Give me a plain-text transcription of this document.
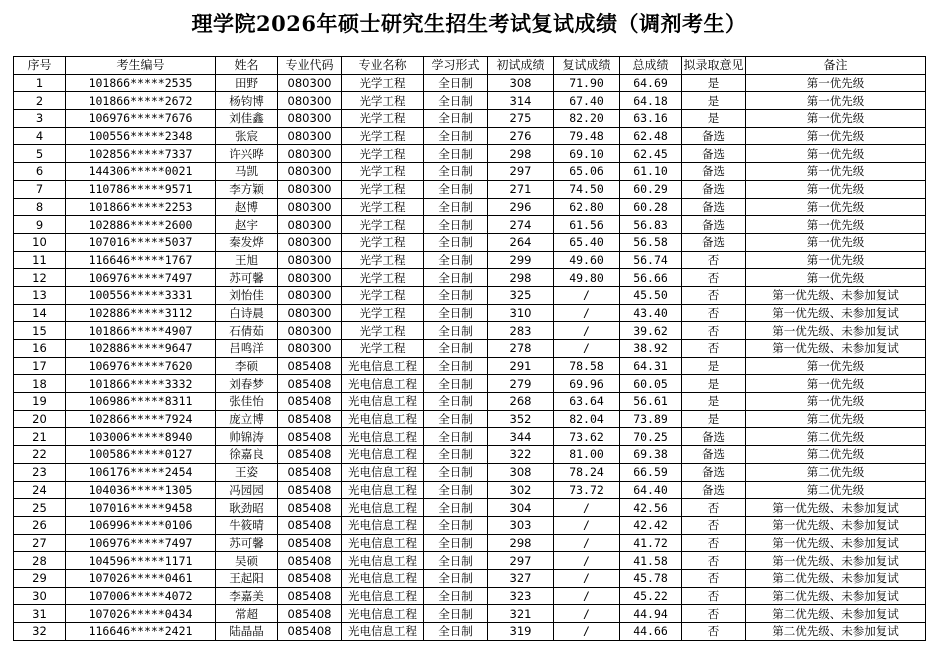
理学院2026年硕士研究生招生考试复试成绩（调剂考生）
序号	考生编号	姓名	专业代码	专业名称	学习形式	初试成绩	复试成绩	总成绩	拟录取意见	备注
1	101866*****2535	田野	080300	光学工程	全日制	308	71.90	64.69	是	第一优先级
2	101866*****2672	杨钧博	080300	光学工程	全日制	314	67.40	64.18	是	第一优先级
3	106976*****7676	刘佳鑫	080300	光学工程	全日制	275	82.20	63.16	是	第一优先级
4	100556*****2348	张宸	080300	光学工程	全日制	276	79.48	62.48	备选	第一优先级
5	102856*****7337	许兴晔	080300	光学工程	全日制	298	69.10	62.45	备选	第一优先级
6	144306*****0021	马凯	080300	光学工程	全日制	297	65.06	61.10	备选	第一优先级
7	110786*****9571	李方颖	080300	光学工程	全日制	271	74.50	60.29	备选	第一优先级
8	101866*****2253	赵博	080300	光学工程	全日制	296	62.80	60.28	备选	第一优先级
9	102886*****2600	赵宇	080300	光学工程	全日制	274	61.56	56.83	备选	第一优先级
10	107016*****5037	秦发烨	080300	光学工程	全日制	264	65.40	56.58	备选	第一优先级
11	116646*****1767	王旭	080300	光学工程	全日制	299	49.60	56.74	否	第一优先级
12	106976*****7497	苏可馨	080300	光学工程	全日制	298	49.80	56.66	否	第一优先级
13	100556*****3331	刘怡佳	080300	光学工程	全日制	325	/	45.50	否	第一优先级、未参加复试
14	102886*****3112	白诗晨	080300	光学工程	全日制	310	/	43.40	否	第一优先级、未参加复试
15	101866*****4907	石倩茹	080300	光学工程	全日制	283	/	39.62	否	第一优先级、未参加复试
16	102886*****9647	吕鸣洋	080300	光学工程	全日制	278	/	38.92	否	第一优先级、未参加复试
17	106976*****7620	李硕	085408	光电信息工程	全日制	291	78.58	64.31	是	第一优先级
18	101866*****3332	刘春梦	085408	光电信息工程	全日制	279	69.96	60.05	是	第一优先级
19	106986*****8311	张佳怡	085408	光电信息工程	全日制	268	63.64	56.61	是	第一优先级
20	102866*****7924	庞立博	085408	光电信息工程	全日制	352	82.04	73.89	是	第二优先级
21	103006*****8940	帅锦涛	085408	光电信息工程	全日制	344	73.62	70.25	备选	第二优先级
22	100586*****0127	徐嘉良	085408	光电信息工程	全日制	322	81.00	69.38	备选	第二优先级
23	106176*****2454	王姿	085408	光电信息工程	全日制	308	78.24	66.59	备选	第二优先级
24	104036*****1305	冯园园	085408	光电信息工程	全日制	302	73.72	64.40	备选	第二优先级
25	107016*****9458	耿劲昭	085408	光电信息工程	全日制	304	/	42.56	否	第一优先级、未参加复试
26	106996*****0106	牛筱晴	085408	光电信息工程	全日制	303	/	42.42	否	第一优先级、未参加复试
27	106976*****7497	苏可馨	085408	光电信息工程	全日制	298	/	41.72	否	第一优先级、未参加复试
28	104596*****1171	吴硕	085408	光电信息工程	全日制	297	/	41.58	否	第一优先级、未参加复试
29	107026*****0461	王起阳	085408	光电信息工程	全日制	327	/	45.78	否	第二优先级、未参加复试
30	107006*****4072	李嘉美	085408	光电信息工程	全日制	323	/	45.22	否	第二优先级、未参加复试
31	107026*****0434	常超	085408	光电信息工程	全日制	321	/	44.94	否	第二优先级、未参加复试
32	116646*****2421	陆晶晶	085408	光电信息工程	全日制	319	/	44.66	否	第二优先级、未参加复试
